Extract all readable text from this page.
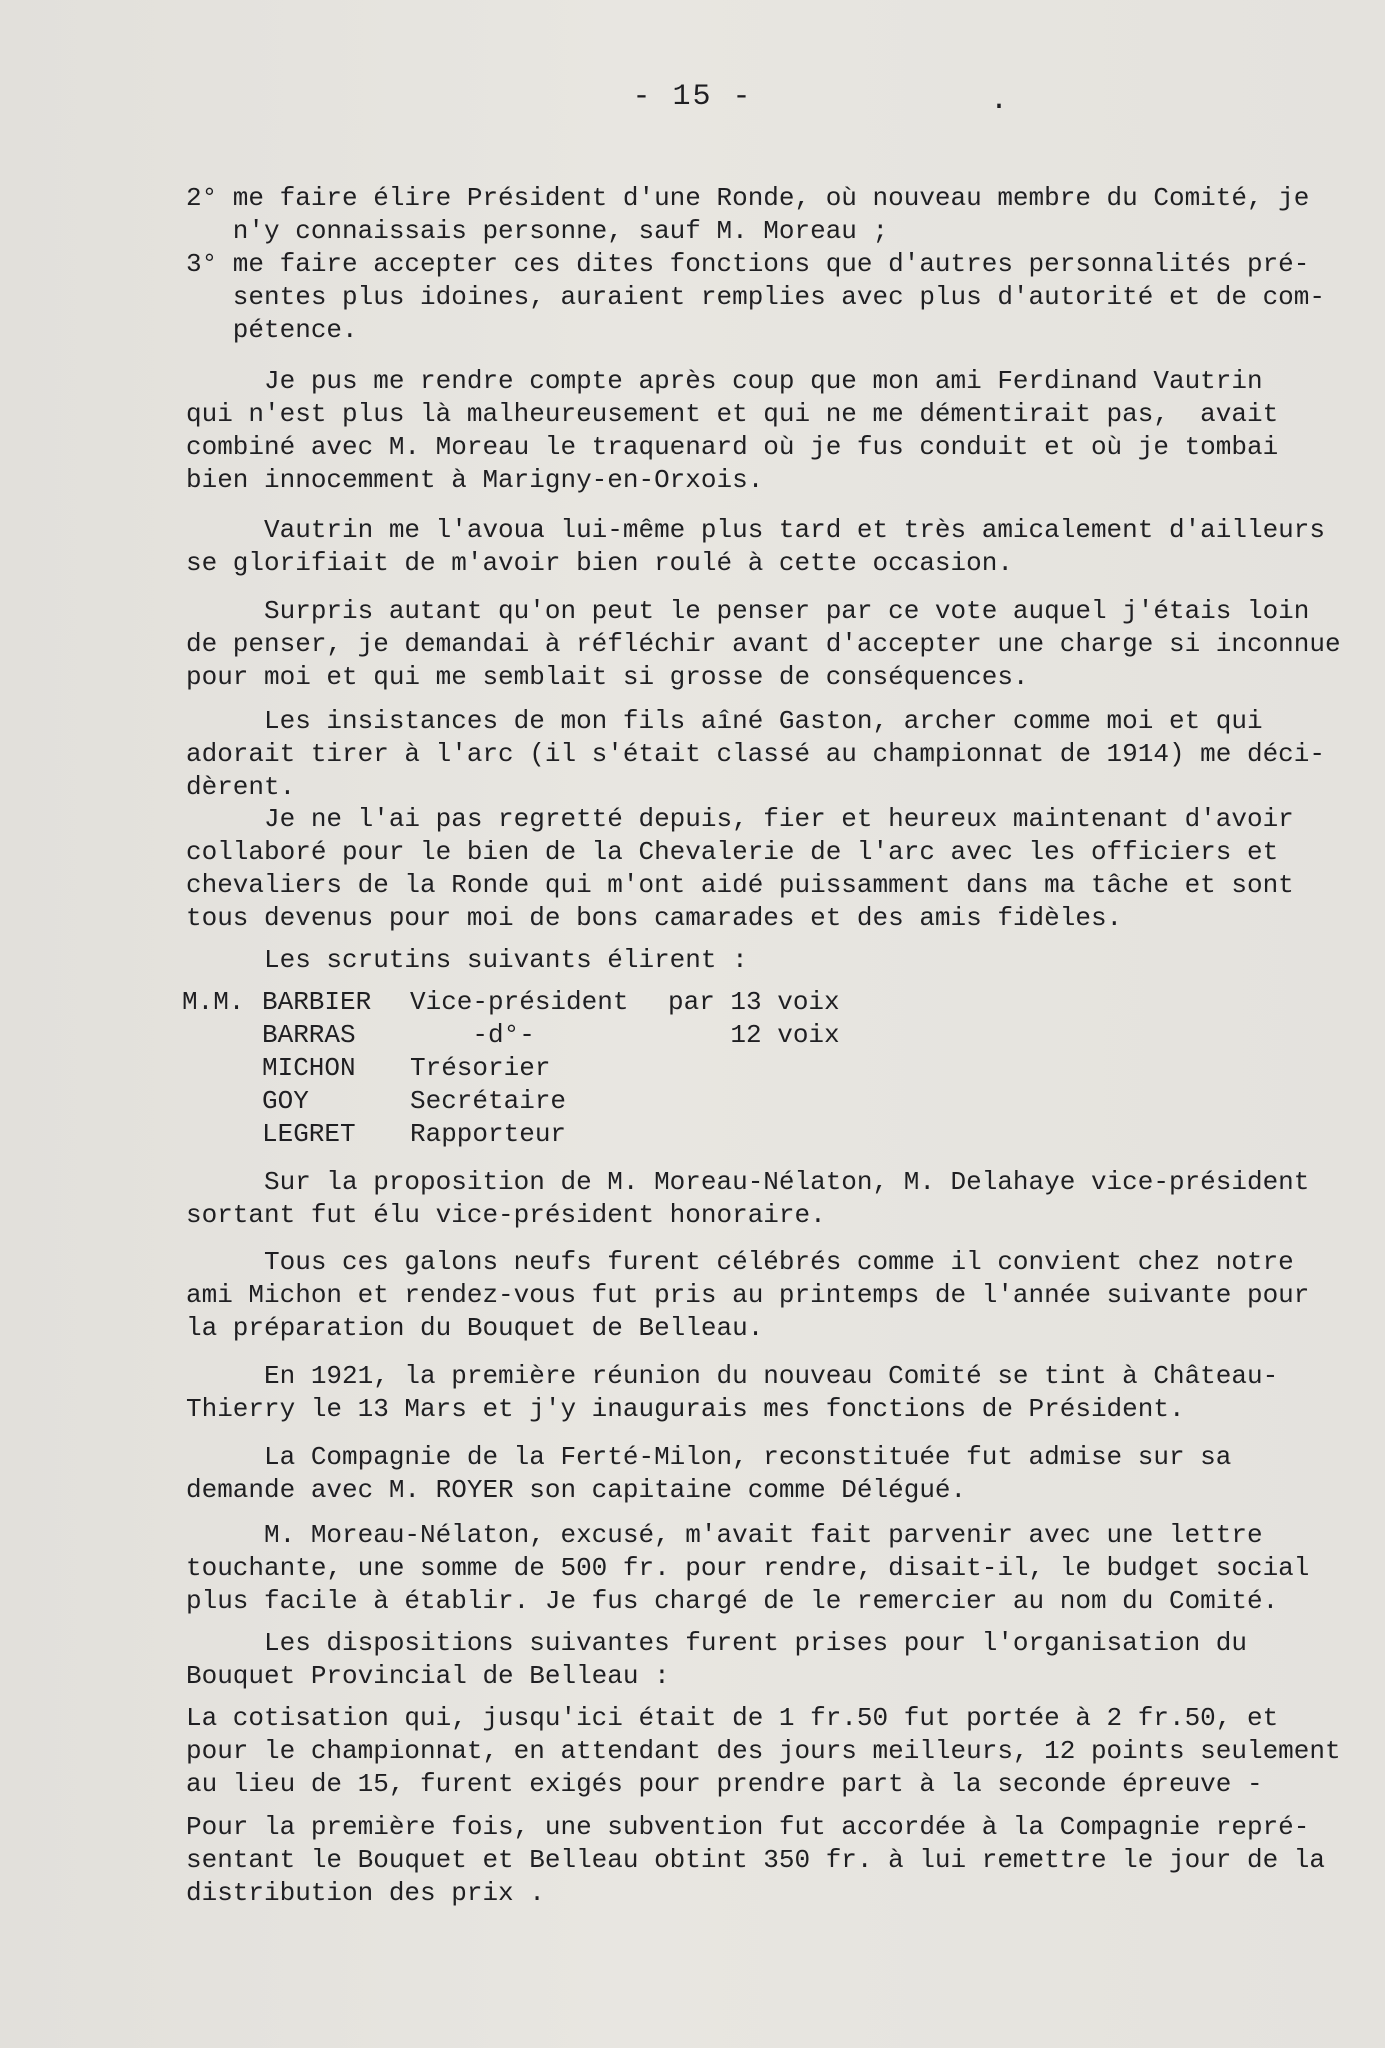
- 15 -	.
2° me faire élire Président d'une Ronde, où nouveau membre du Comité, je
n'y connaissais personne, sauf M. Moreau ;
3° me faire accepter ces dites fonctions que d'autres personnalités pré-
sentes plus idoines, auraient remplies avec plus d'autorité et de com-
pétence.
Je pus me rendre compte après coup que mon ami Ferdinand Vautrin
qui n'est plus là malheureusement et qui ne me démentirait pas,  avait
combiné avec M. Moreau le traquenard où je fus conduit et où je tombai
bien innocemment à Marigny-en-Orxois.
Vautrin me l'avoua lui-même plus tard et très amicalement d'ailleurs
se glorifiait de m'avoir bien roulé à cette occasion.
Surpris autant qu'on peut le penser par ce vote auquel j'étais loin
de penser, je demandai à réfléchir avant d'accepter une charge si inconnue
pour moi et qui me semblait si grosse de conséquences.
Les insistances de mon fils aîné Gaston, archer comme moi et qui
adorait tirer à l'arc (il s'était classé au championnat de 1914) me déci-
dèrent.
Je ne l'ai pas regretté depuis, fier et heureux maintenant d'avoir
collaboré pour le bien de la Chevalerie de l'arc avec les officiers et
chevaliers de la Ronde qui m'ont aidé puissamment dans ma tâche et sont
tous devenus pour moi de bons camarades et des amis fidèles.
Les scrutins suivants élirent :
M.M. BARBIER Vice-président par 13 voix
BARRAS -d°-	12 voix
MICHON Trésorier
GOY	Secrétaire
LEGRET Rapporteur
Sur la proposition de M. Moreau-Nélaton, M. Delahaye vice-président
sortant fut élu vice-président honoraire.
Tous ces galons neufs furent célébrés comme il convient chez notre
ami Michon et rendez-vous fut pris au printemps de l'année suivante pour
la préparation du Bouquet de Belleau.
En 1921, la première réunion du nouveau Comité se tint à Château-
Thierry le 13 Mars et j'y inaugurais mes fonctions de Président.
La Compagnie de la Ferté-Milon, reconstituée fut admise sur sa
demande avec M. ROYER son capitaine comme Délégué.
M. Moreau-Nélaton, excusé, m'avait fait parvenir avec une lettre
touchante, une somme de 500 fr. pour rendre, disait-il, le budget social
plus facile à établir. Je fus chargé de le remercier au nom du Comité.
Les dispositions suivantes furent prises pour l'organisation du
Bouquet Provincial de Belleau :
La cotisation qui, jusqu'ici était de 1 fr.50 fut portée à 2 fr.50, et
pour le championnat, en attendant des jours meilleurs, 12 points seulement
au lieu de 15, furent exigés pour prendre part à la seconde épreuve -
Pour la première fois, une subvention fut accordée à la Compagnie repré-
sentant le Bouquet et Belleau obtint 350 fr. à lui remettre le jour de la
distribution des prix .
